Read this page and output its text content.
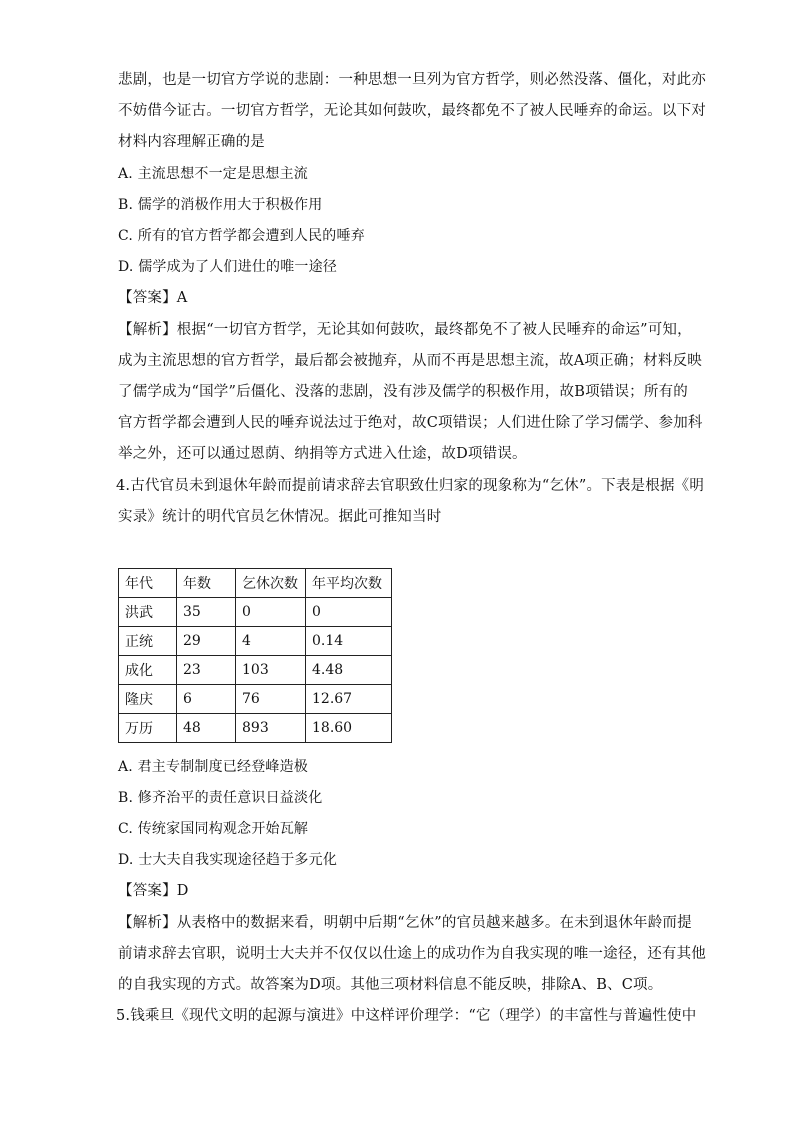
悲剧，也是一切官方学说的悲剧：一种思想一旦列为官方哲学，则必然没落、僵化，对此亦
不妨借今证古。一切官方哲学，无论其如何鼓吹，最终都免不了被人民唾弃的命运。以下对
材料内容理解正确的是
A. 主流思想不一定是思想主流
B. 儒学的消极作用大于积极作用
C. 所有的官方哲学都会遭到人民的唾弃
D. 儒学成为了人们进仕的唯一途径
【答案】A
【解析】根据“一切官方哲学，无论其如何鼓吹，最终都免不了被人民唾弃的命运”可知，
成为主流思想的官方哲学，最后都会被抛弃，从而不再是思想主流，故A项正确；材料反映
了儒学成为“国学”后僵化、没落的悲剧，没有涉及儒学的积极作用，故B项错误；所有的
官方哲学都会遭到人民的唾弃说法过于绝对，故C项错误；人们进仕除了学习儒学、参加科
举之外，还可以通过恩荫、纳捐等方式进入仕途，故D项错误。
4.古代官员未到退休年龄而提前请求辞去官职致仕归家的现象称为“乞休”。下表是根据《明
实录》统计的明代官员乞休情况。据此可推知当时
年代	年数	乞休次数	年平均次数
洪武	35	0	0
正统	29	4	0.14
成化	23	103	4.48
隆庆	6	76	12.67
万历	48	893	18.60
A. 君主专制制度已经登峰造极
B. 修齐治平的责任意识日益淡化
C. 传统家国同构观念开始瓦解
D. 士大夫自我实现途径趋于多元化
【答案】D
【解析】从表格中的数据来看，明朝中后期“乞休”的官员越来越多。在未到退休年龄而提
前请求辞去官职，说明士大夫并不仅仅以仕途上的成功作为自我实现的唯一途径，还有其他
的自我实现的方式。故答案为D项。其他三项材料信息不能反映，排除A、B、C项。
5.钱乘旦《现代文明的起源与演进》中这样评价理学：“它（理学）的丰富性与普遍性使中
